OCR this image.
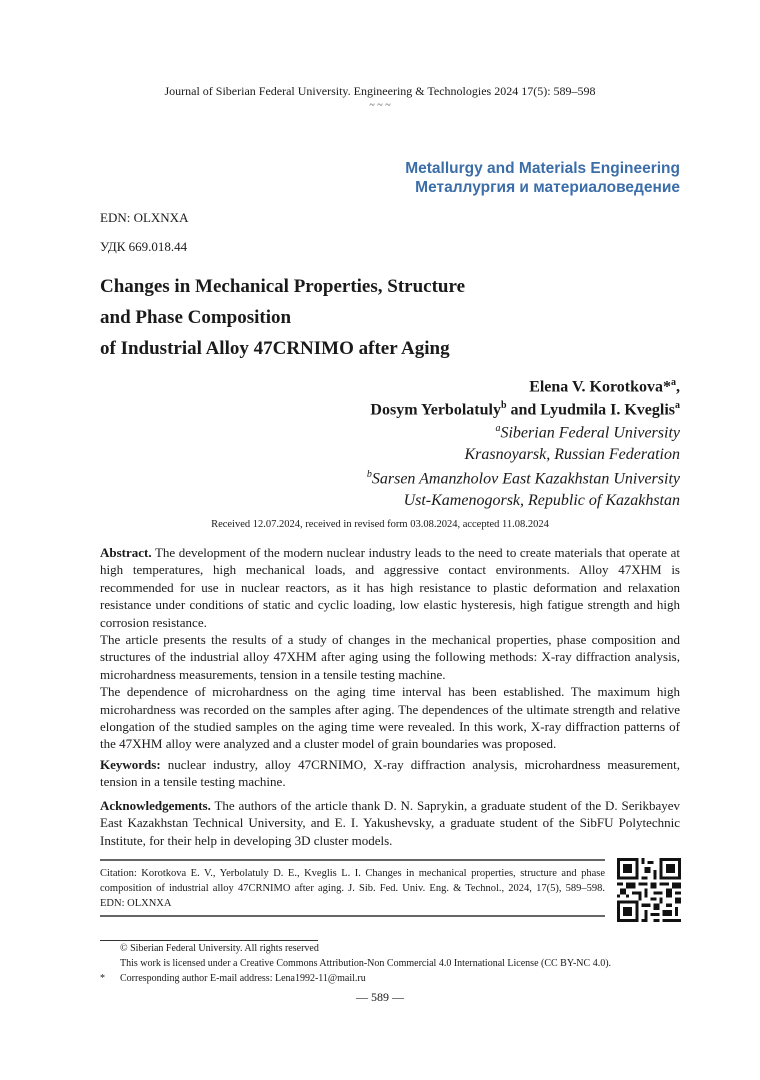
Journal of Siberian Federal University. Engineering & Technologies 2024 17(5): 589–598
~ ~ ~
Metallurgy and Materials Engineering
Металлургия и материаловедение
EDN: OLXNXA
УДК 669.018.44
Changes in Mechanical Properties, Structure
and Phase Composition
of Industrial Alloy 47CRNIMO after Aging
Elena V. Korotkova*$^a$,
Dosym Yerbolatuly$^b$ and Lyudmila I. Kveglis$^a$
$^a$Siberian Federal University
Krasnoyarsk, Russian Federation
$^b$Sarsen Amanzholov East Kazakhstan University
Ust-Kamenogorsk, Republic of Kazakhstan
Received 12.07.2024, received in revised form 03.08.2024, accepted 11.08.2024

Abstract. The development of the modern nuclear industry leads to the need to create materials that operate at high temperatures, high mechanical loads, and aggressive contact environments. Alloy 47XHM is recommended for use in nuclear reactors, as it has high resistance to plastic deformation and relaxation resistance under conditions of static and cyclic loading, low elastic hysteresis, high fatigue strength and high corrosion resistance.

The article presents the results of a study of changes in the mechanical properties, phase composition and structures of the industrial alloy 47XHM after aging using the following methods: X-ray diffraction analysis, microhardness measurements, tension in a tensile testing machine.

The dependence of microhardness on the aging time interval has been established. The maximum high microhardness was recorded on the samples after aging. The dependences of the ultimate strength and relative elongation of the studied samples on the aging time were revealed. In this work, X-ray diffraction patterns of the 47XHM alloy were analyzed and a cluster model of grain boundaries was proposed.

Keywords: nuclear industry, alloy 47CRNIMO, X-ray diffraction analysis, microhardness measurement, tension in a tensile testing machine.
Acknowledgements. The authors of the article thank D. N. Saprykin, a graduate student of the D. Serikbayev East Kazakhstan Technical University, and E. I. Yakushevsky, a graduate student of the SibFU Polytechnic Institute, for their help in developing 3D cluster models.
Citation: Korotkova E. V., Yerbolatuly D. E., Kveglis L. I. Changes in mechanical properties, structure and phase composition of industrial alloy 47CRNIMO after aging. J. Sib. Fed. Univ. Eng. & Technol., 2024, 17(5), 589–598. EDN: OLXNXA
© Siberian Federal University. All rights reserved
This work is licensed under a Creative Commons Attribution-Non Commercial 4.0 International License (CC BY-NC 4.0).
* Corresponding author E-mail address: Lena1992-11@mail.ru
— 589 —
